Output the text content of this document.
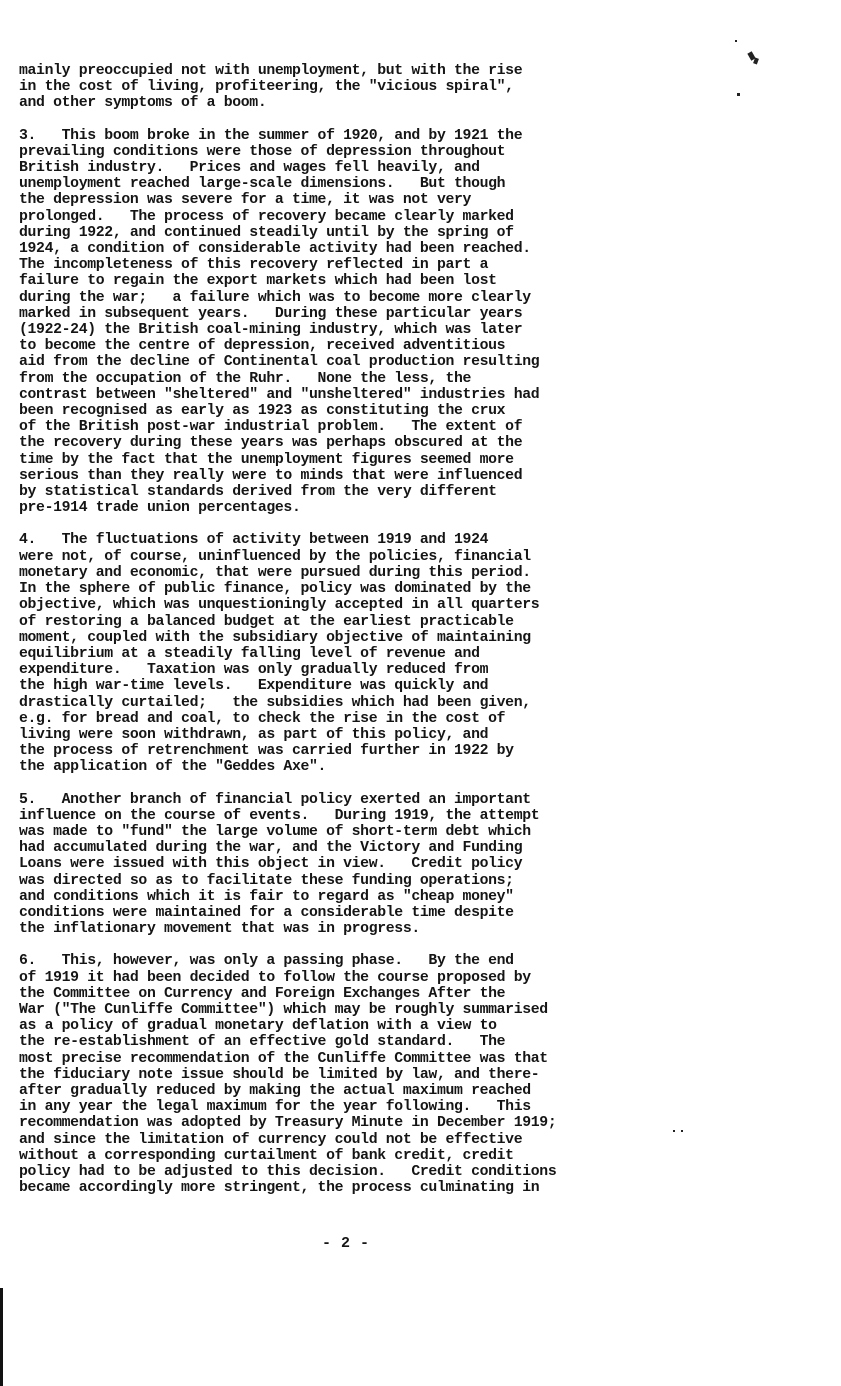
mainly preoccupied not with unemployment, but with the rise
in the cost of living, profiteering, the "vicious spiral",
and other symptoms of a boom.
3.   This boom broke in the summer of 1920, and by 1921 the
prevailing conditions were those of depression throughout
British industry.   Prices and wages fell heavily, and
unemployment reached large-scale dimensions.   But though
the depression was severe for a time, it was not very
prolonged.   The process of recovery became clearly marked
during 1922, and continued steadily until by the spring of
1924, a condition of considerable activity had been reached.
The incompleteness of this recovery reflected in part a
failure to regain the export markets which had been lost
during the war;   a failure which was to become more clearly
marked in subsequent years.   During these particular years
(1922-24) the British coal-mining industry, which was later
to become the centre of depression, received adventitious
aid from the decline of Continental coal production resulting
from the occupation of the Ruhr.   None the less, the
contrast between "sheltered" and "unsheltered" industries had
been recognised as early as 1923 as constituting the crux
of the British post-war industrial problem.   The extent of
the recovery during these years was perhaps obscured at the
time by the fact that the unemployment figures seemed more
serious than they really were to minds that were influenced
by statistical standards derived from the very different
pre-1914 trade union percentages.
4.   The fluctuations of activity between 1919 and 1924
were not, of course, uninfluenced by the policies, financial
monetary and economic, that were pursued during this period.
In the sphere of public finance, policy was dominated by the
objective, which was unquestioningly accepted in all quarters
of restoring a balanced budget at the earliest practicable
moment, coupled with the subsidiary objective of maintaining
equilibrium at a steadily falling level of revenue and
expenditure.   Taxation was only gradually reduced from
the high war-time levels.   Expenditure was quickly and
drastically curtailed;   the subsidies which had been given,
e.g. for bread and coal, to check the rise in the cost of
living were soon withdrawn, as part of this policy, and
the process of retrenchment was carried further in 1922 by
the application of the "Geddes Axe".
5.   Another branch of financial policy exerted an important
influence on the course of events.   During 1919, the attempt
was made to "fund" the large volume of short-term debt which
had accumulated during the war, and the Victory and Funding
Loans were issued with this object in view.   Credit policy
was directed so as to facilitate these funding operations;
and conditions which it is fair to regard as "cheap money"
conditions were maintained for a considerable time despite
the inflationary movement that was in progress.
6.   This, however, was only a passing phase.   By the end
of 1919 it had been decided to follow the course proposed by
the Committee on Currency and Foreign Exchanges After the
War ("The Cunliffe Committee") which may be roughly summarised
as a policy of gradual monetary deflation with a view to
the re-establishment of an effective gold standard.   The
most precise recommendation of the Cunliffe Committee was that
the fiduciary note issue should be limited by law, and there-
after gradually reduced by making the actual maximum reached
in any year the legal maximum for the year following.   This
recommendation was adopted by Treasury Minute in December 1919;
and since the limitation of currency could not be effective
without a corresponding curtailment of bank credit, credit
policy had to be adjusted to this decision.   Credit conditions
became accordingly more stringent, the process culminating in
- 2 -
